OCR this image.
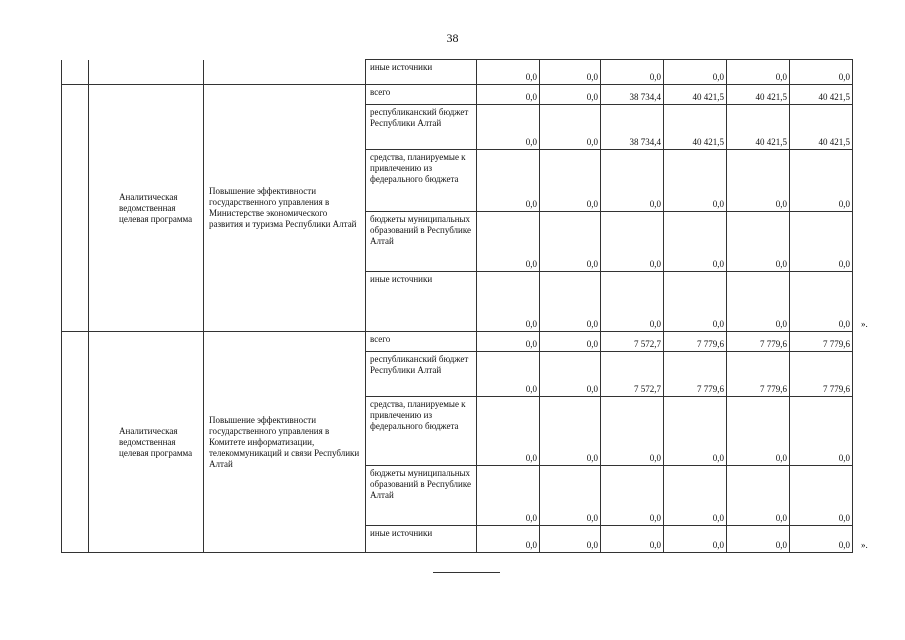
38
			иные источники	0,0	0,0	0,0	0,0	0,0	0,0
	Аналитическая ведомственная целевая программа	Повышение эффективности государственного управления в Министерстве экономического развития и туризма Республики Алтай	всего	0,0	0,0	38 734,4	40 421,5	40 421,5	40 421,5
			республиканский бюджет Республики Алтай	0,0	0,0	38 734,4	40 421,5	40 421,5	40 421,5
			средства, планируемые к привлечению из федерального бюджета	0,0	0,0	0,0	0,0	0,0	0,0
			бюджеты муниципальных образований в Республике Алтай	0,0	0,0	0,0	0,0	0,0	0,0
			иные источники	0,0	0,0	0,0	0,0	0,0	0,0
	Аналитическая ведомственная целевая программа	Повышение эффективности государственного управления в Комитете информатизации, телекоммуникаций и связи Республики Алтай	всего	0,0	0,0	7 572,7	7 779,6	7 779,6	7 779,6
			республиканский бюджет Республики Алтай	0,0	0,0	7 572,7	7 779,6	7 779,6	7 779,6
			средства, планируемые к привлечению из федерального бюджета	0,0	0,0	0,0	0,0	0,0	0,0
			бюджеты муниципальных образований в Республике Алтай	0,0	0,0	0,0	0,0	0,0	0,0
			иные источники	0,0	0,0	0,0	0,0	0,0	0,0
».
».
